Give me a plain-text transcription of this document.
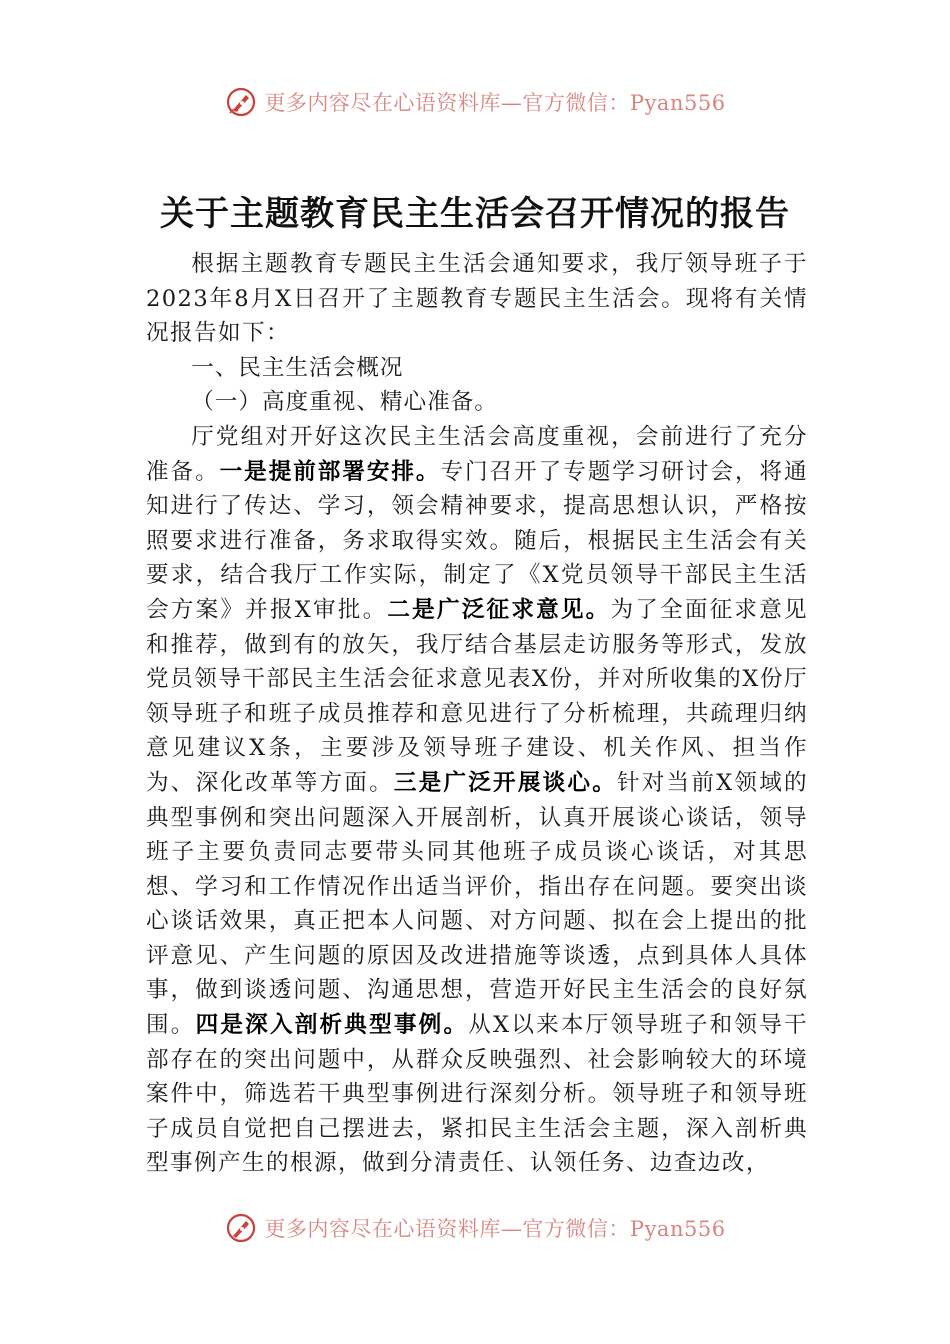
更多内容尽在心语资料库—官方微信：Pyan556
关于主题教育民主生活会召开情况的报告

根据主题教育专题民主生活会通知要求，我厅领导班子于2023年8月X日召开了主题教育专题民主生活会。现将有关情况报告如下：

一、民主生活会概况

（一）高度重视、精心准备。

厅党组对开好这次民主生活会高度重视，会前进行了充分准备。一是提前部署安排。专门召开了专题学习研讨会，将通知进行了传达、学习，领会精神要求，提高思想认识，严格按照要求进行准备，务求取得实效。随后，根据民主生活会有关要求，结合我厅工作实际，制定了《X党员领导干部民主生活会方案》并报X审批。二是广泛征求意见。为了全面征求意见和推荐，做到有的放矢，我厅结合基层走访服务等形式，发放党员领导干部民主生活会征求意见表X份，并对所收集的X份厅领导班子和班子成员推荐和意见进行了分析梳理，共疏理归纳意见建议X条，主要涉及领导班子建设、机关作风、担当作为、深化改革等方面。三是广泛开展谈心。针对当前X领域的典型事例和突出问题深入开展剖析，认真开展谈心谈话，领导班子主要负责同志要带头同其他班子成员谈心谈话，对其思想、学习和工作情况作出适当评价，指出存在问题。要突出谈心谈话效果，真正把本人问题、对方问题、拟在会上提出的批评意见、产生问题的原因及改进措施等谈透，点到具体人具体事，做到谈透问题、沟通思想，营造开好民主生活会的良好氛围。四是深入剖析典型事例。从X以来本厅领导班子和领导干部存在的突出问题中，从群众反映强烈、社会影响较大的环境案件中，筛选若干典型事例进行深刻分析。领导班子和领导班子成员自觉把自己摆进去，紧扣民主生活会主题，深入剖析典型事例产生的根源，做到分清责任、认领任务、边查边改，

更多内容尽在心语资料库—官方微信：Pyan556
